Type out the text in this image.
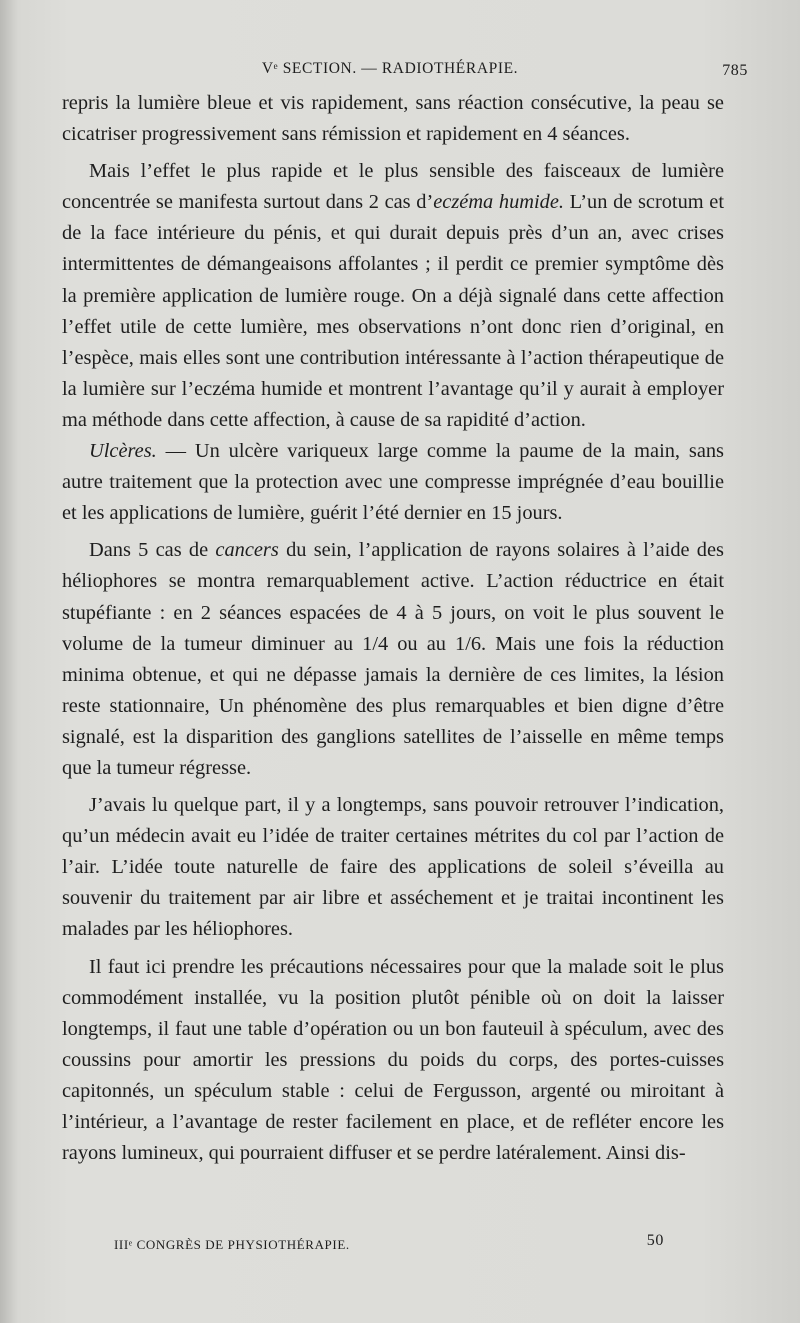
Vᵉ SECTION. — RADIOTHÉRAPIE.	785

repris la lumière bleue et vis rapidement, sans réaction consécutive, la peau se cicatriser progressivement sans rémission et rapidement en 4 séances.

Mais l’effet le plus rapide et le plus sensible des faisceaux de lumière concentrée se manifesta surtout dans 2 cas d’eczéma humide. L’un de scrotum et de la face intérieure du pénis, et qui durait depuis près d’un an, avec crises intermittentes de démangeaisons affolantes ; il perdit ce premier symptôme dès la première application de lumière rouge. On a déjà signalé dans cette affection l’effet utile de cette lumière, mes observations n’ont donc rien d’original, en l’espèce, mais elles sont une contribution intéressante à l’action thérapeutique de la lumière sur l’eczéma humide et montrent l’avantage qu’il y aurait à employer ma méthode dans cette affection, à cause de sa rapidité d’action.

Ulcères. — Un ulcère variqueux large comme la paume de la main, sans autre traitement que la protection avec une compresse imprégnée d’eau bouillie et les applications de lumière, guérit l’été dernier en 15 jours.

Dans 5 cas de cancers du sein, l’application de rayons solaires à l’aide des héliophores se montra remarquablement active. L’action réductrice en était stupéfiante : en 2 séances espacées de 4 à 5 jours, on voit le plus souvent le volume de la tumeur diminuer au 1/4 ou au 1/6. Mais une fois la réduction minima obtenue, et qui ne dépasse jamais la dernière de ces limites, la lésion reste stationnaire, Un phénomène des plus remarquables et bien digne d’être signalé, est la disparition des ganglions satellites de l’aisselle en même temps que la tumeur régresse.

J’avais lu quelque part, il y a longtemps, sans pouvoir retrouver l’indication, qu’un médecin avait eu l’idée de traiter certaines métrites du col par l’action de l’air. L’idée toute naturelle de faire des applications de soleil s’éveilla au souvenir du traitement par air libre et asséchement et je traitai incontinent les malades par les héliophores.

Il faut ici prendre les précautions nécessaires pour que la malade soit le plus commodément installée, vu la position plutôt pénible où on doit la laisser longtemps, il faut une table d’opération ou un bon fauteuil à spéculum, avec des coussins pour amortir les pressions du poids du corps, des portes-cuisses capitonnés, un spéculum stable : celui de Fergusson, argenté ou miroitant à l’intérieur, a l’avantage de rester facilement en place, et de refléter encore les rayons lumineux, qui pourraient diffuser et se perdre latéralement. Ainsi dis-

IIIᵉ CONGRÈS DE PHYSIOTHÉRAPIE.	50
